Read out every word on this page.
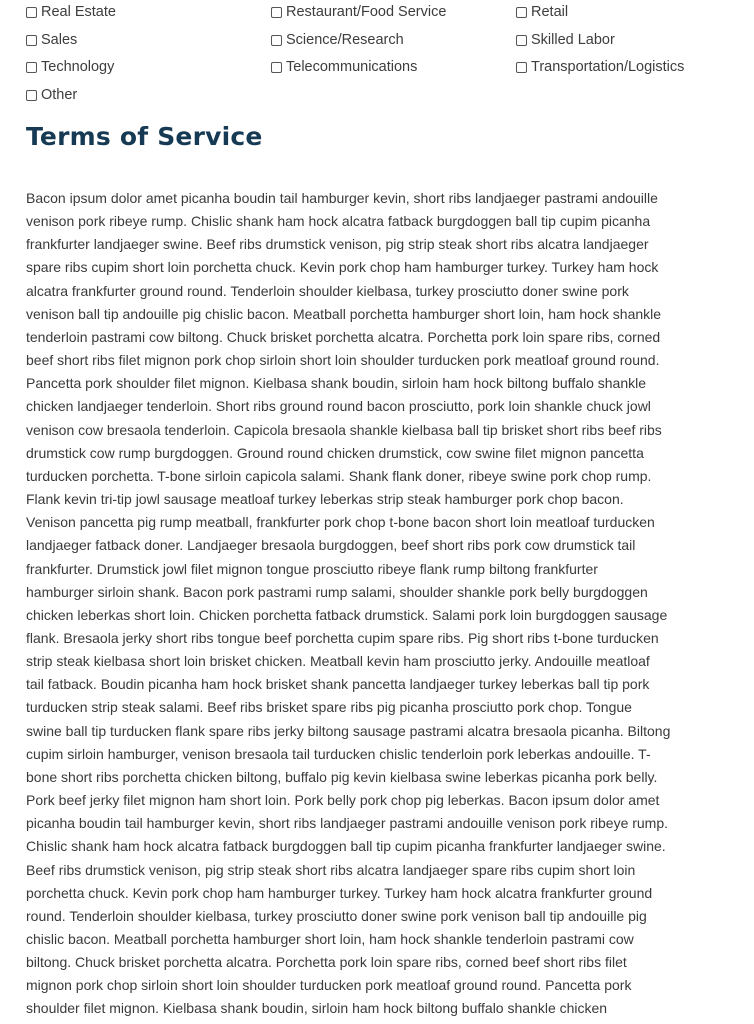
Real Estate	Restaurant/Food Service	Retail
Sales	Science/Research	Skilled Labor
Technology	Telecommunications	Transportation/Logistics
Other
Terms of Service
Bacon ipsum dolor amet picanha boudin tail hamburger kevin, short ribs landjaeger pastrami andouille
venison pork ribeye rump. Chislic shank ham hock alcatra fatback burgdoggen ball tip cupim picanha
frankfurter landjaeger swine. Beef ribs drumstick venison, pig strip steak short ribs alcatra landjaeger
spare ribs cupim short loin porchetta chuck. Kevin pork chop ham hamburger turkey. Turkey ham hock
alcatra frankfurter ground round. Tenderloin shoulder kielbasa, turkey prosciutto doner swine pork
venison ball tip andouille pig chislic bacon. Meatball porchetta hamburger short loin, ham hock shankle
tenderloin pastrami cow biltong. Chuck brisket porchetta alcatra. Porchetta pork loin spare ribs, corned
beef short ribs filet mignon pork chop sirloin short loin shoulder turducken pork meatloaf ground round.
Pancetta pork shoulder filet mignon. Kielbasa shank boudin, sirloin ham hock biltong buffalo shankle
chicken landjaeger tenderloin. Short ribs ground round bacon prosciutto, pork loin shankle chuck jowl
venison cow bresaola tenderloin. Capicola bresaola shankle kielbasa ball tip brisket short ribs beef ribs
drumstick cow rump burgdoggen. Ground round chicken drumstick, cow swine filet mignon pancetta
turducken porchetta. T-bone sirloin capicola salami. Shank flank doner, ribeye swine pork chop rump.
Flank kevin tri-tip jowl sausage meatloaf turkey leberkas strip steak hamburger pork chop bacon.
Venison pancetta pig rump meatball, frankfurter pork chop t-bone bacon short loin meatloaf turducken
landjaeger fatback doner. Landjaeger bresaola burgdoggen, beef short ribs pork cow drumstick tail
frankfurter. Drumstick jowl filet mignon tongue prosciutto ribeye flank rump biltong frankfurter
hamburger sirloin shank. Bacon pork pastrami rump salami, shoulder shankle pork belly burgdoggen
chicken leberkas short loin. Chicken porchetta fatback drumstick. Salami pork loin burgdoggen sausage
flank. Bresaola jerky short ribs tongue beef porchetta cupim spare ribs. Pig short ribs t-bone turducken
strip steak kielbasa short loin brisket chicken. Meatball kevin ham prosciutto jerky. Andouille meatloaf
tail fatback. Boudin picanha ham hock brisket shank pancetta landjaeger turkey leberkas ball tip pork
turducken strip steak salami. Beef ribs brisket spare ribs pig picanha prosciutto pork chop. Tongue
swine ball tip turducken flank spare ribs jerky biltong sausage pastrami alcatra bresaola picanha. Biltong
cupim sirloin hamburger, venison bresaola tail turducken chislic tenderloin pork leberkas andouille. T-
bone short ribs porchetta chicken biltong, buffalo pig kevin kielbasa swine leberkas picanha pork belly.
Pork beef jerky filet mignon ham short loin. Pork belly pork chop pig leberkas. Bacon ipsum dolor amet
picanha boudin tail hamburger kevin, short ribs landjaeger pastrami andouille venison pork ribeye rump.
Chislic shank ham hock alcatra fatback burgdoggen ball tip cupim picanha frankfurter landjaeger swine.
Beef ribs drumstick venison, pig strip steak short ribs alcatra landjaeger spare ribs cupim short loin
porchetta chuck. Kevin pork chop ham hamburger turkey. Turkey ham hock alcatra frankfurter ground
round. Tenderloin shoulder kielbasa, turkey prosciutto doner swine pork venison ball tip andouille pig
chislic bacon. Meatball porchetta hamburger short loin, ham hock shankle tenderloin pastrami cow
biltong. Chuck brisket porchetta alcatra. Porchetta pork loin spare ribs, corned beef short ribs filet
mignon pork chop sirloin short loin shoulder turducken pork meatloaf ground round. Pancetta pork
shoulder filet mignon. Kielbasa shank boudin, sirloin ham hock biltong buffalo shankle chicken
